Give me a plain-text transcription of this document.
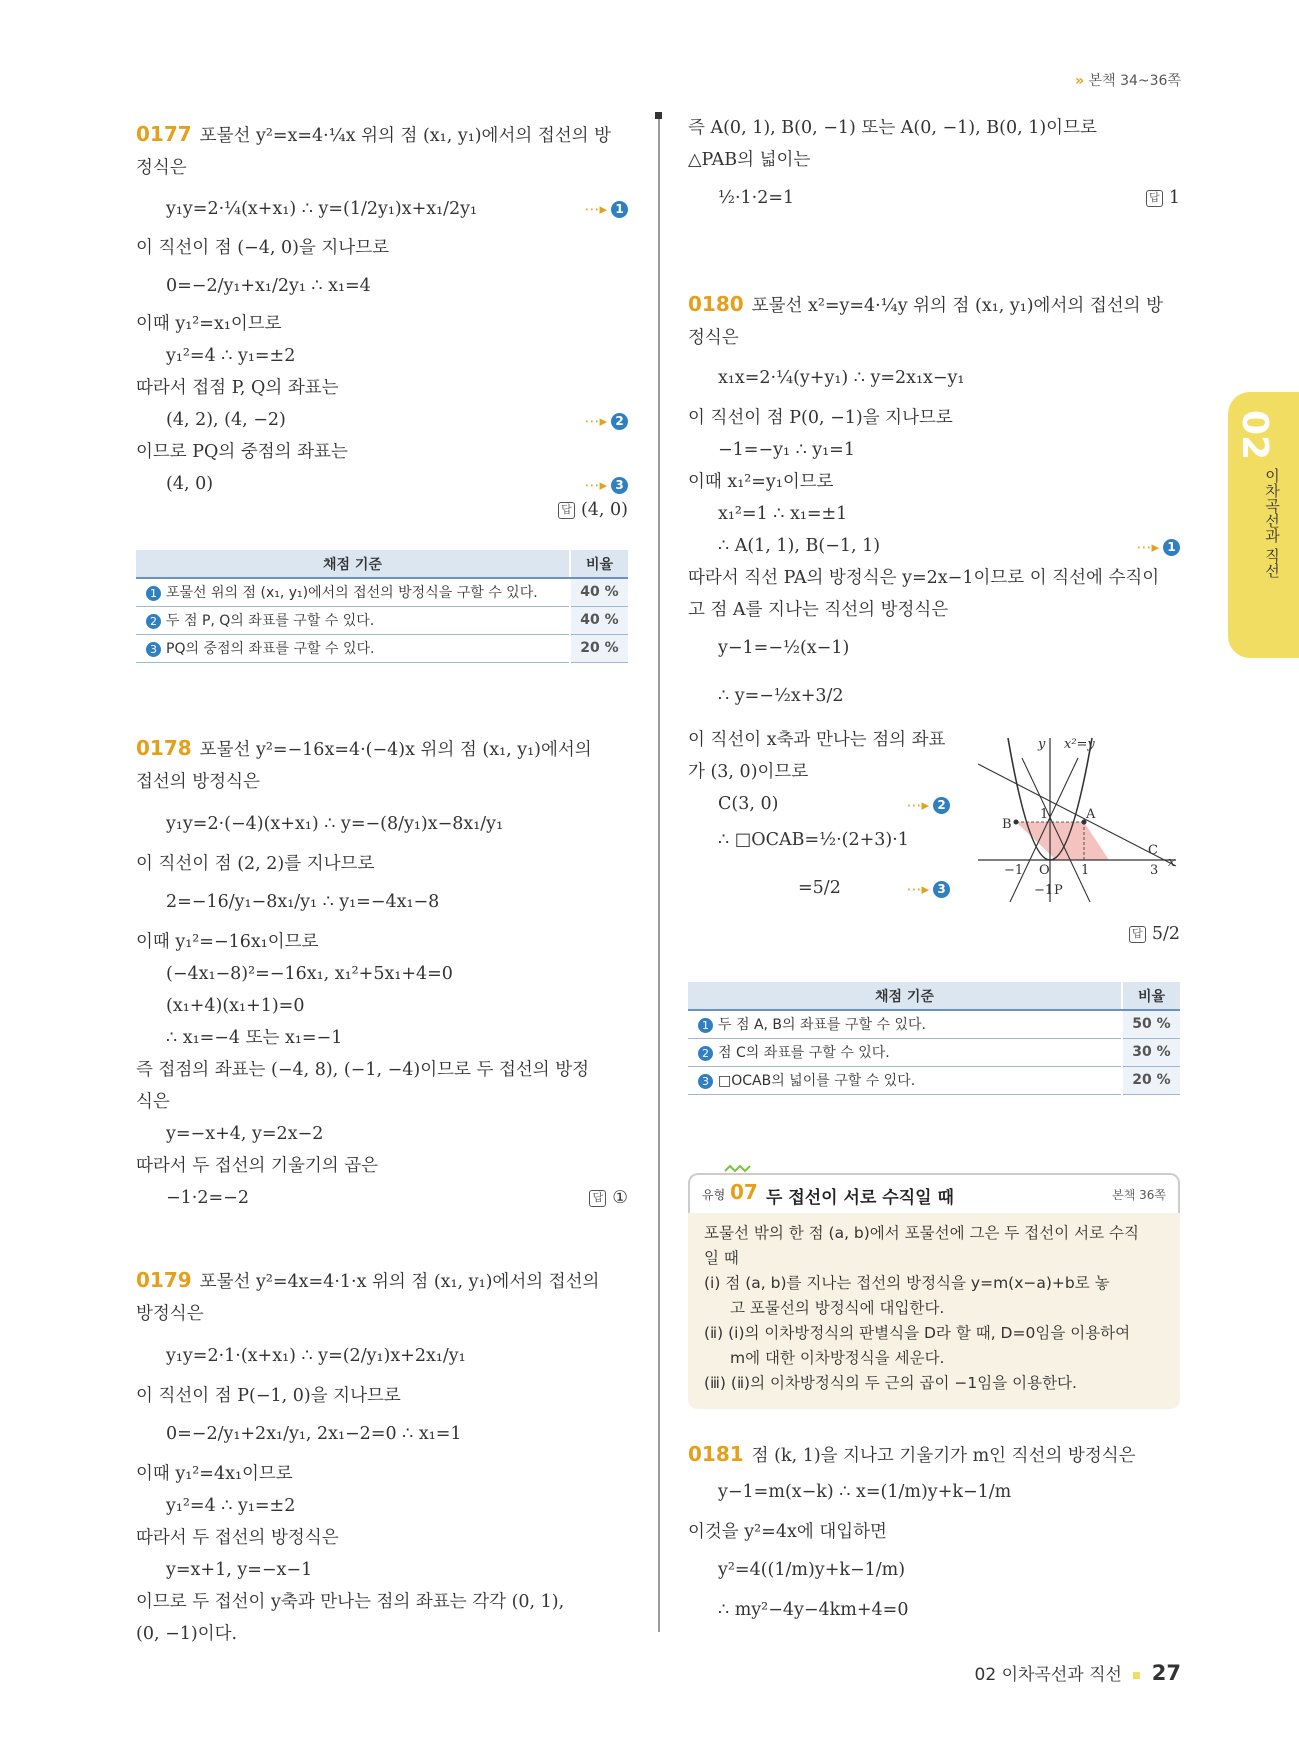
» 본책 34~36쪽
02
이차곡선과 직선
0177 포물선 y²=x=4·¼x 위의 점 (x₁, y₁)에서의 접선의 방
정식은
y₁y=2·¼(x+x₁) ∴ y=(1/2y₁)x+x₁/2y₁	⋯▸ 1
이 직선이 점 (−4, 0)을 지나므로
0=−2/y₁+x₁/2y₁ ∴ x₁=4
이때 y₁²=x₁이므로
y₁²=4 ∴ y₁=±2
따라서 접점 P, Q의 좌표는
(4, 2), (4, −2)	⋯▸ 2
이므로 PQ의 중점의 좌표는
(4, 0)	⋯▸ 3
답 (4, 0)
채점 기준	비율
1 포물선 위의 점 (x₁, y₁)에서의 접선의 방정식을 구할 수 있다.	40 %
2 두 점 P, Q의 좌표를 구할 수 있다.	40 %
3 PQ의 중점의 좌표를 구할 수 있다.	20 %
0178 포물선 y²=−16x=4·(−4)x 위의 점 (x₁, y₁)에서의
접선의 방정식은
y₁y=2·(−4)(x+x₁) ∴ y=−(8/y₁)x−8x₁/y₁
이 직선이 점 (2, 2)를 지나므로
2=−16/y₁−8x₁/y₁ ∴ y₁=−4x₁−8
이때 y₁²=−16x₁이므로
(−4x₁−8)²=−16x₁, x₁²+5x₁+4=0
(x₁+4)(x₁+1)=0
∴ x₁=−4 또는 x₁=−1
즉 접점의 좌표는 (−4, 8), (−1, −4)이므로 두 접선의 방정
식은
y=−x+4, y=2x−2
따라서 두 접선의 기울기의 곱은
−1·2=−2	답 ①
0179 포물선 y²=4x=4·1·x 위의 점 (x₁, y₁)에서의 접선의
방정식은
y₁y=2·1·(x+x₁) ∴ y=(2/y₁)x+2x₁/y₁
이 직선이 점 P(−1, 0)을 지나므로
0=−2/y₁+2x₁/y₁, 2x₁−2=0 ∴ x₁=1
이때 y₁²=4x₁이므로
y₁²=4 ∴ y₁=±2
따라서 두 접선의 방정식은
y=x+1, y=−x−1
이므로 두 접선이 y축과 만나는 점의 좌표는 각각 (0, 1),
(0, −1)이다.
즉 A(0, 1), B(0, −1) 또는 A(0, −1), B(0, 1)이므로
△PAB의 넓이는
½·1·2=1	답 1
0180 포물선 x²=y=4·¼y 위의 점 (x₁, y₁)에서의 접선의 방
정식은
x₁x=2·¼(y+y₁) ∴ y=2x₁x−y₁
이 직선이 점 P(0, −1)을 지나므로
−1=−y₁ ∴ y₁=1
이때 x₁²=y₁이므로
x₁²=1 ∴ x₁=±1
∴ A(1, 1), B(−1, 1)	⋯▸ 1
따라서 직선 PA의 방정식은 y=2x−1이므로 이 직선에 수직이
고 점 A를 지나는 직선의 방정식은
y−1=−½(x−1)
∴ y=−½x+3/2
이 직선이 x축과 만나는 점의 좌표
가 (3, 0)이므로
C(3, 0)	⋯▸ 2
∴ □OCAB=½·(2+3)·1
=5/2	⋯▸ 3
y x²=y
x
A
B
C
O
P
1
−1	1	3
−1
답 5/2
채점 기준	비율
1 두 점 A, B의 좌표를 구할 수 있다.	50 %
2 점 C의 좌표를 구할 수 있다.	30 %
3 □OCAB의 넓이를 구할 수 있다.	20 %
유형 07 두 접선이 서로 수직일 때	본책 36쪽
포물선 밖의 한 점 (a, b)에서 포물선에 그은 두 접선이 서로 수직
일 때
(ⅰ) 점 (a, b)를 지나는 접선의 방정식을 y=m(x−a)+b로 놓
고 포물선의 방정식에 대입한다.
(ⅱ) (ⅰ)의 이차방정식의 판별식을 D라 할 때, D=0임을 이용하여
m에 대한 이차방정식을 세운다.
(ⅲ) (ⅱ)의 이차방정식의 두 근의 곱이 −1임을 이용한다.
0181 점 (k, 1)을 지나고 기울기가 m인 직선의 방정식은
y−1=m(x−k) ∴ x=(1/m)y+k−1/m
이것을 y²=4x에 대입하면
y²=4((1/m)y+k−1/m)
∴ my²−4y−4km+4=0
02 이차곡선과 직선 27
